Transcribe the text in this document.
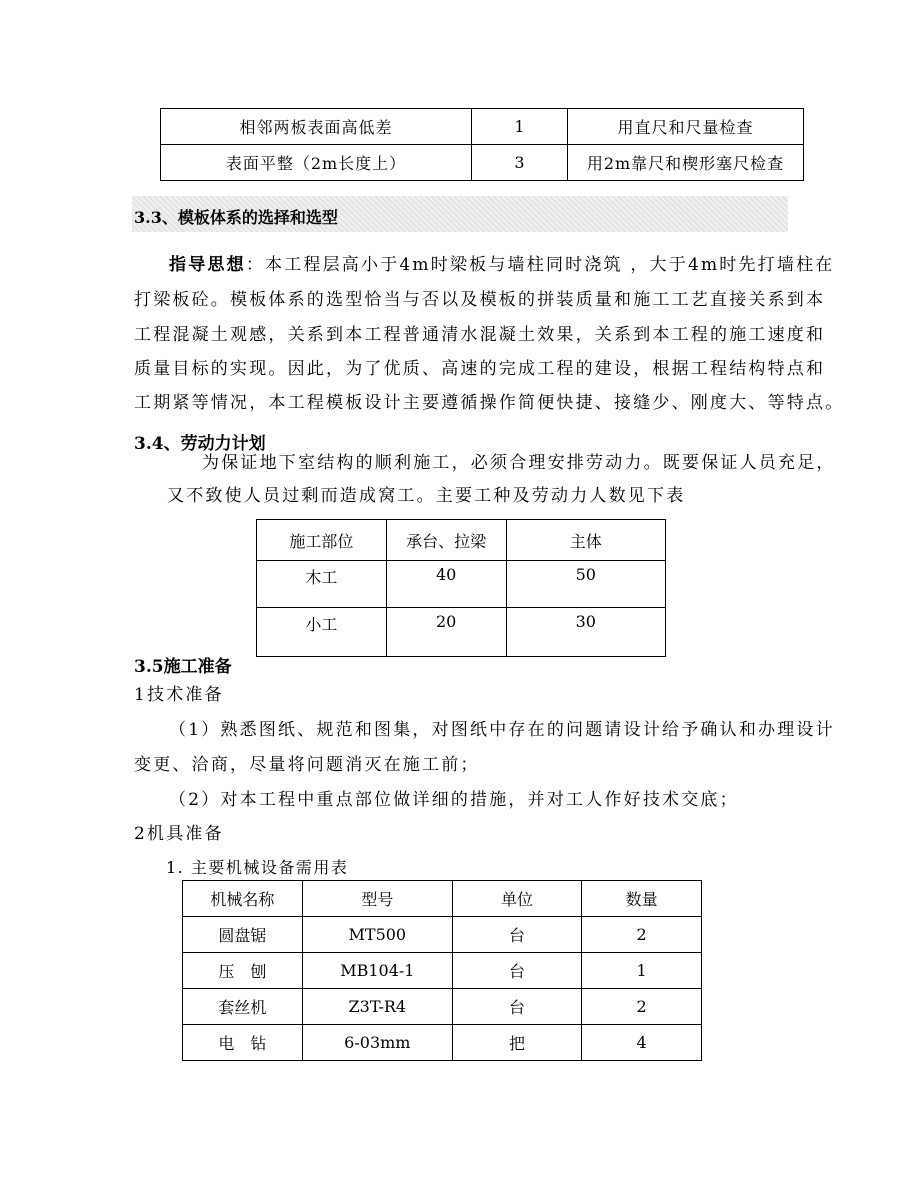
相邻两板表面高低差	1	用直尺和尺量检查
表面平整（2m长度上）	3	用2m靠尺和楔形塞尺检查
3.3、模板体系的选择和选型
指导思想：本工程层高小于4m时梁板与墙柱同时浇筑 ，大于4m时先打墙柱在
打梁板砼。模板体系的选型恰当与否以及模板的拼装质量和施工工艺直接关系到本
工程混凝土观感，关系到本工程普通清水混凝土效果，关系到本工程的施工速度和
质量目标的实现。因此，为了优质、高速的完成工程的建设，根据工程结构特点和
工期紧等情况，本工程模板设计主要遵循操作简便快捷、接缝少、刚度大、等特点。
3.4、劳动力计划
为保证地下室结构的顺利施工，必须合理安排劳动力。既要保证人员充足，
又不致使人员过剩而造成窝工。主要工种及劳动力人数见下表
施工部位	承台、拉梁	主体
木工	40	50
小工	20	30
3.5施工准备
1技术准备
（1）熟悉图纸、规范和图集，对图纸中存在的问题请设计给予确认和办理设计
变更、洽商，尽量将问题消灭在施工前；
（2）对本工程中重点部位做详细的措施，并对工人作好技术交底；
2机具准备
1. 主要机械设备需用表
机械名称	型号	单位	数量
圆盘锯	MT500	台	2
压　刨	MB104-1	台	1
套丝机	Z3T-R4	台	2
电　钻	6-03mm	把	4
